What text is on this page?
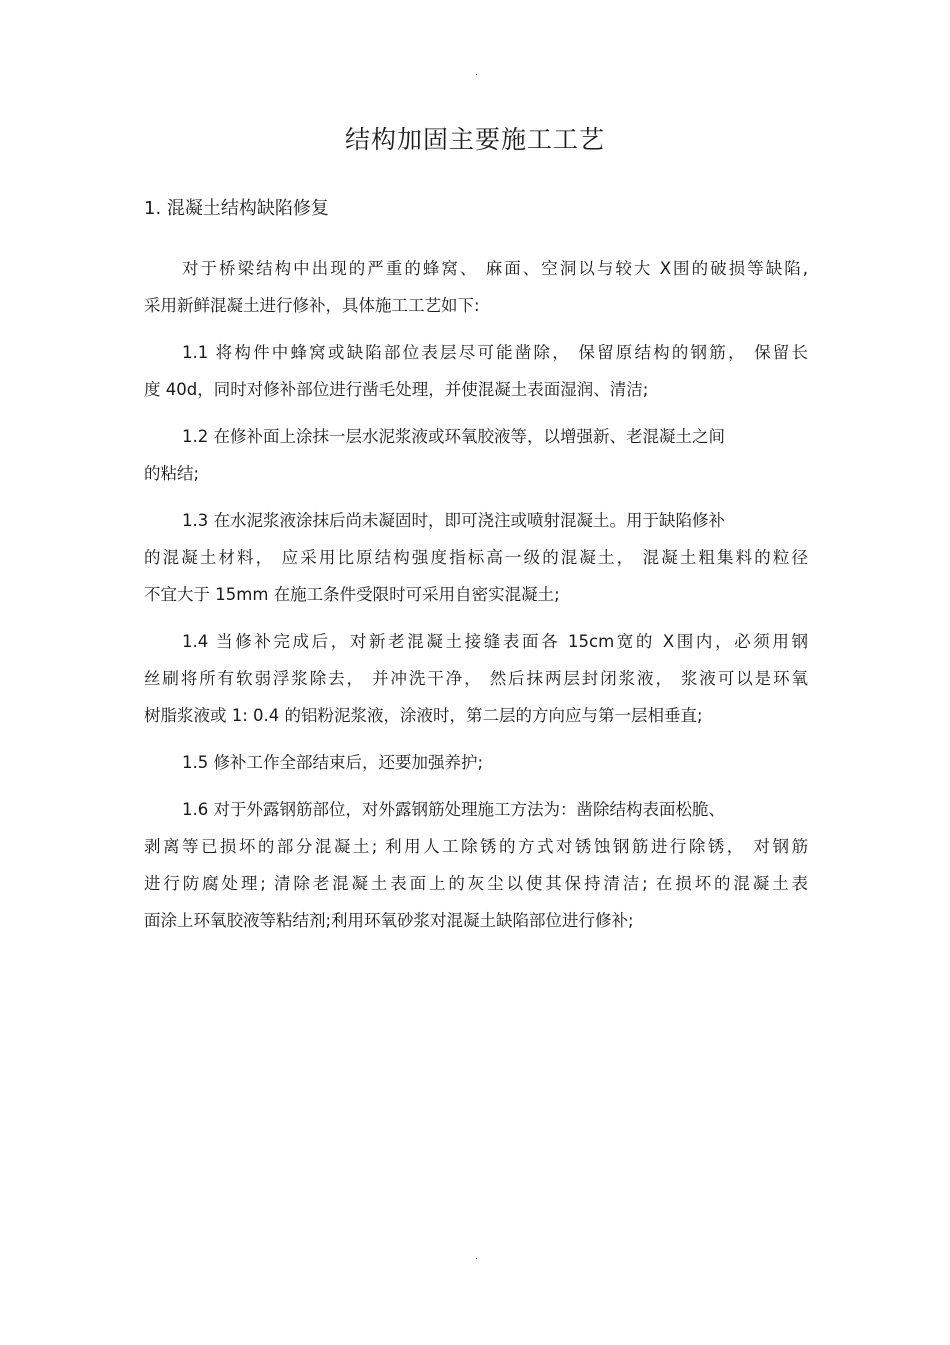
.
结构加固主要施工工艺
1. 混凝土结构缺陷修复
对于桥梁结构中出现的严重的蜂窝、 麻面、空洞以与较大 X围的破损等缺陷,
采用新鲜混凝土进行修补，具体施工工艺如下:
1.1 将构件中蜂窝或缺陷部位表层尽可能凿除， 保留原结构的钢筋， 保留长
度 40d，同时对修补部位进行凿毛处理，并使混凝土表面湿润、清洁;
1.2 在修补面上涂抹一层水泥浆液或环氧胶液等，以增强新、老混凝土之间
的粘结;
1.3 在水泥浆液涂抹后尚未凝固时，即可浇注或喷射混凝土。用于缺陷修补
的混凝土材料， 应采用比原结构强度指标高一级的混凝土， 混凝土粗集料的粒径
不宜大于 15mm 在施工条件受限时可采用自密实混凝土;
1.4 当修补完成后，对新老混凝土接缝表面各 15cm宽的 X围内，必须用钢
丝刷将所有软弱浮浆除去， 并冲洗干净， 然后抹两层封闭浆液， 浆液可以是环氧
树脂浆液或 1: 0.4 的铝粉泥浆液，涂液时，第二层的方向应与第一层相垂直;
1.5 修补工作全部结束后，还要加强养护;
1.6 对于外露钢筋部位，对外露钢筋处理施工方法为：凿除结构表面松脆、
剥离等已损坏的部分混凝土; 利用人工除锈的方式对锈蚀钢筋进行除锈， 对钢筋
进行防腐处理; 清除老混凝土表面上的灰尘以使其保持清洁; 在损坏的混凝土表
面涂上环氧胶液等粘结剂;利用环氧砂浆对混凝土缺陷部位进行修补;
.
